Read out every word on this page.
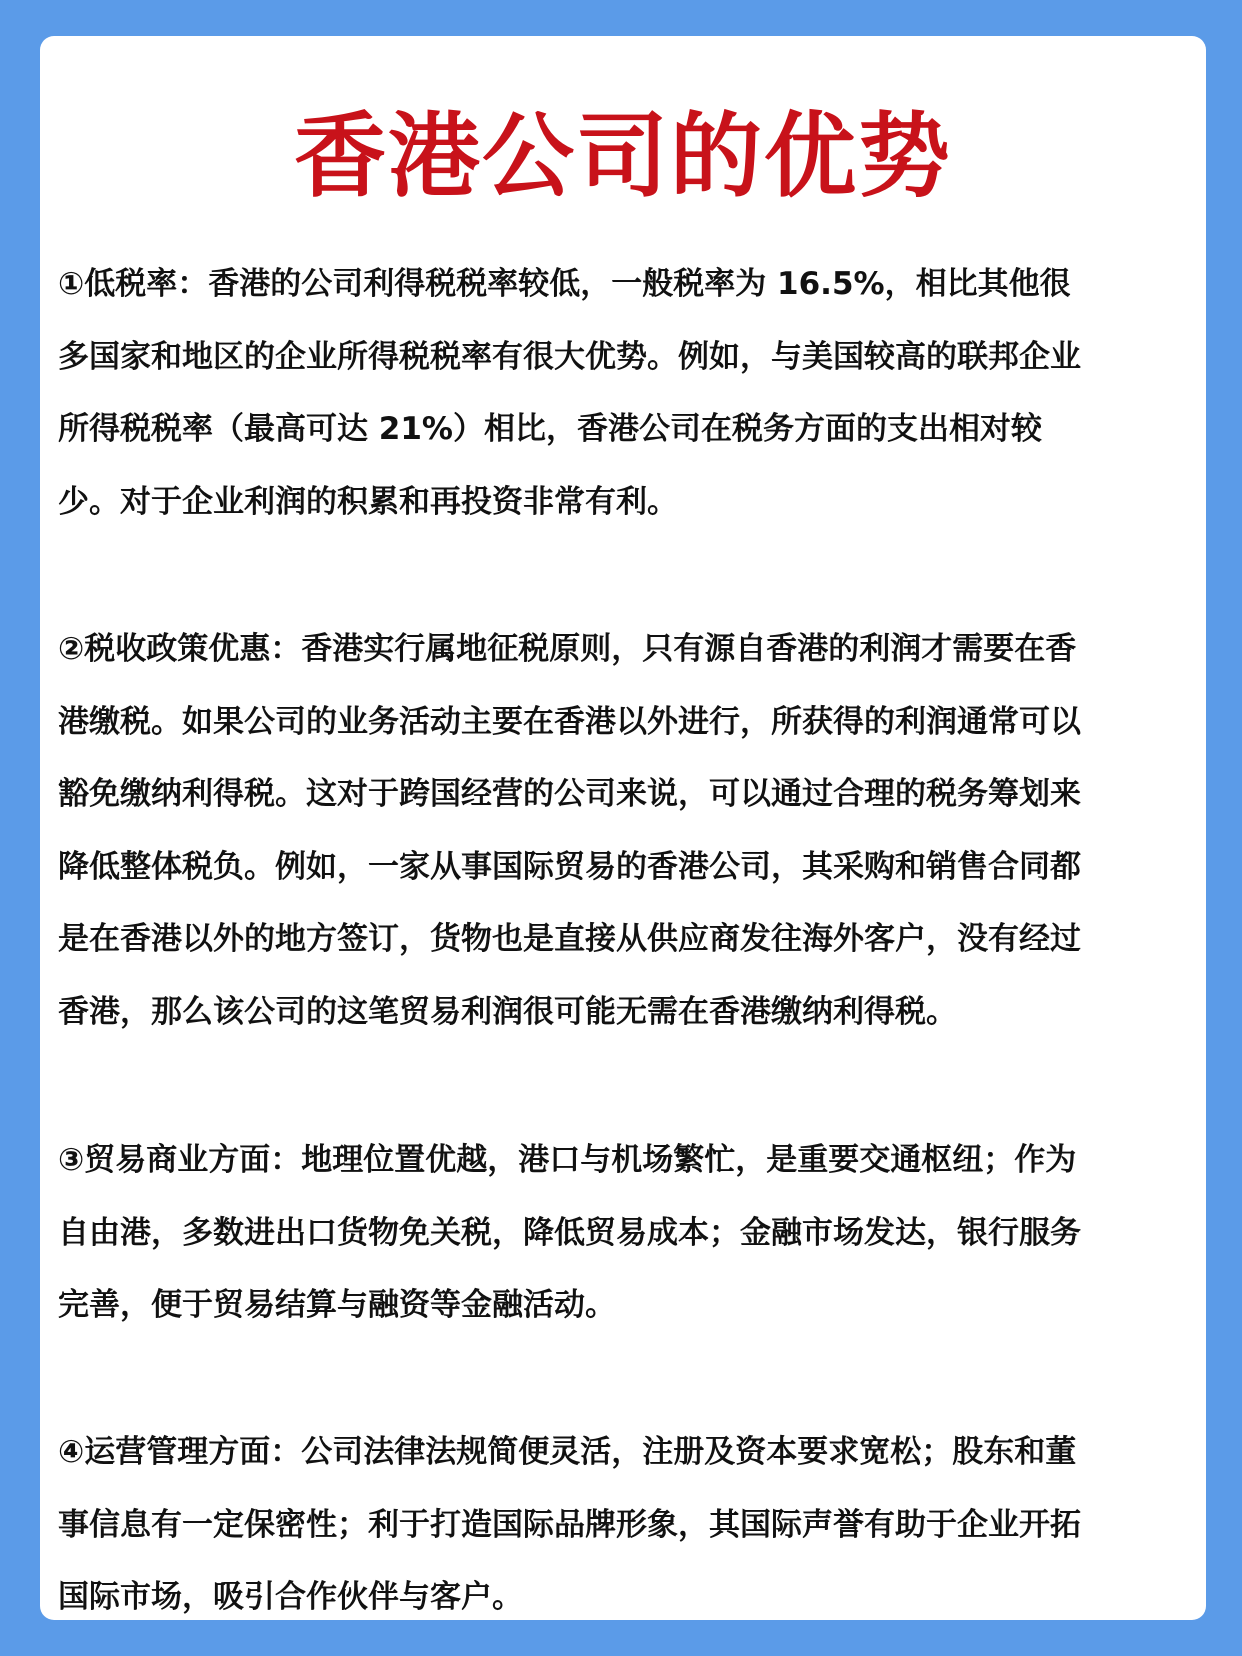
香港公司的优势

①低税率：香港的公司利得税税率较低，一般税率为 16.5%，相比其他很
多国家和地区的企业所得税税率有很大优势。例如，与美国较高的联邦企业
所得税税率（最高可达 21%）相比，香港公司在税务方面的支出相对较
少。对于企业利润的积累和再投资非常有利。

②税收政策优惠：香港实行属地征税原则，只有源自香港的利润才需要在香
港缴税。如果公司的业务活动主要在香港以外进行，所获得的利润通常可以
豁免缴纳利得税。这对于跨国经营的公司来说，可以通过合理的税务筹划来
降低整体税负。例如，一家从事国际贸易的香港公司，其采购和销售合同都
是在香港以外的地方签订，货物也是直接从供应商发往海外客户，没有经过
香港，那么该公司的这笔贸易利润很可能无需在香港缴纳利得税。

③贸易商业方面：地理位置优越，港口与机场繁忙，是重要交通枢纽；作为
自由港，多数进出口货物免关税，降低贸易成本；金融市场发达，银行服务
完善，便于贸易结算与融资等金融活动。

④运营管理方面：公司法律法规简便灵活，注册及资本要求宽松；股东和董
事信息有一定保密性；利于打造国际品牌形象，其国际声誉有助于企业开拓
国际市场，吸引合作伙伴与客户。
